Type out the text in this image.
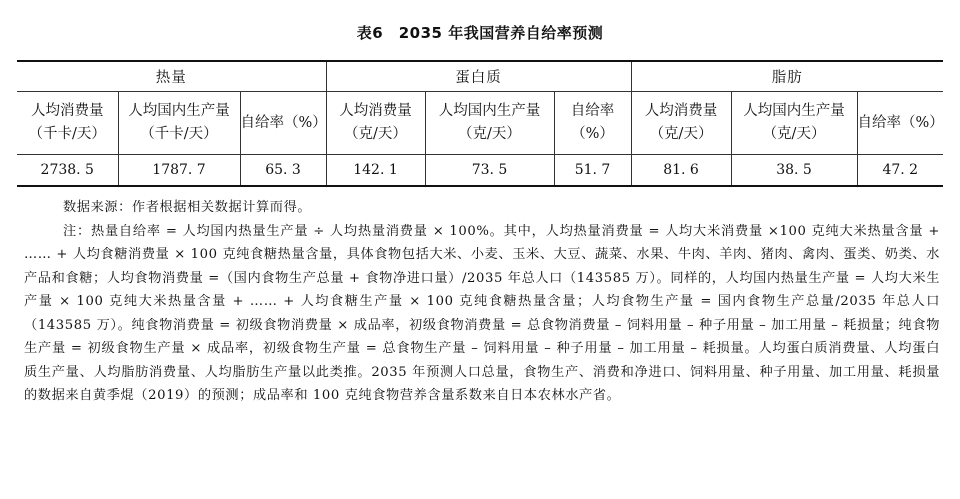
表6　2035 年我国营养自给率预测
热量			蛋白质			脂肪		

人均消费量（千卡/天）	人均国内生产量（千卡/天）	自给率（%）	人均消费量（克/天）	人均国内生产量（克/天）	自给率（%）	人均消费量（克/天）	人均国内生产量（克/天）	自给率（%）

2738. 5	1787. 7	65. 3	142. 1	73. 5	51. 7	81. 6	38. 5	47. 2
数据来源：作者根据相关数据计算而得。

注：热量自给率 = 人均国内热量生产量 ÷ 人均热量消费量 × 100%。其中，人均热量消费量 = 人均大米消费量 ×100 克纯大米热量含量 + …… + 人均食糖消费量 × 100 克纯食糖热量含量，具体食物包括大米、小麦、玉米、大豆、蔬菜、水果、牛肉、羊肉、猪肉、禽肉、蛋类、奶类、水产品和食糖；人均食物消费量 =（国内食物生产总量 + 食物净进口量）/2035 年总人口（143585 万）。同样的，人均国内热量生产量 = 人均大米生产量 × 100 克纯大米热量含量 + …… + 人均食糖生产量 × 100 克纯食糖热量含量；人均食物生产量 = 国内食物生产总量/2035 年总人口（143585 万）。纯食物消费量 = 初级食物消费量 × 成品率，初级食物消费量 = 总食物消费量 – 饲料用量 – 种子用量 – 加工用量 – 耗损量；纯食物生产量 = 初级食物生产量 × 成品率，初级食物生产量 = 总食物生产量 – 饲料用量 – 种子用量 – 加工用量 – 耗损量。人均蛋白质消费量、人均蛋白质生产量、人均脂肪消费量、人均脂肪生产量以此类推。2035 年预测人口总量，食物生产、消费和净进口、饲料用量、种子用量、加工用量、耗损量的数据来自黄季焜（2019）的预测；成品率和 100 克纯食物营养含量系数来自日本农林水产省。
